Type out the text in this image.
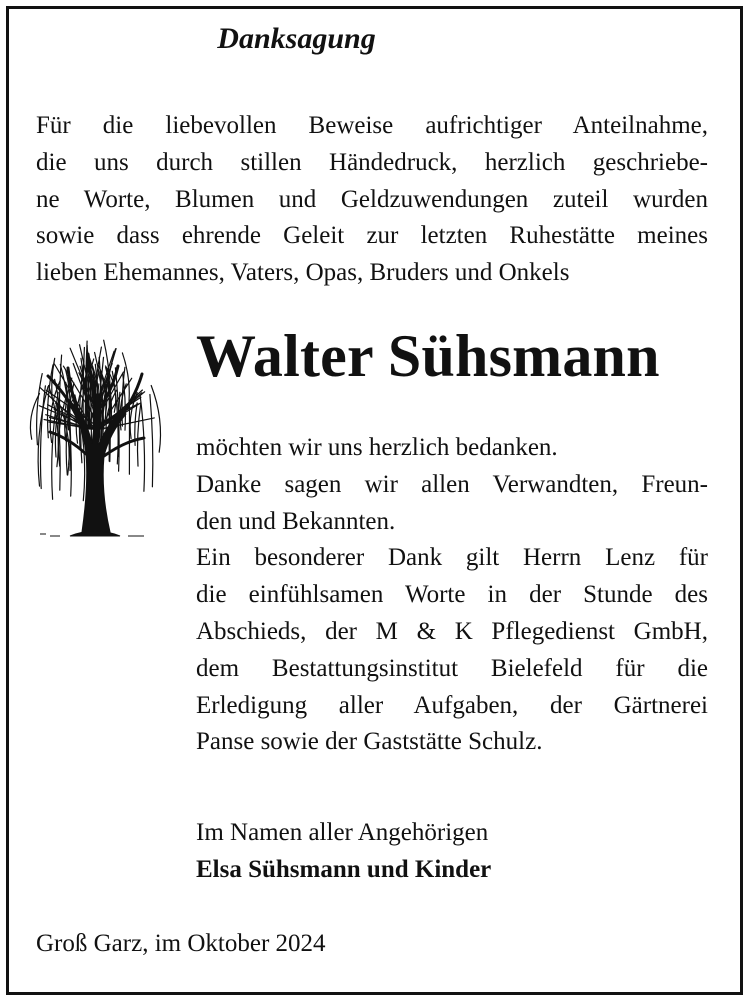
Danksagung
Für die liebevollen Beweise aufrichtiger Anteilnahme,
die uns durch stillen Händedruck, herzlich geschriebe-
ne Worte, Blumen und Geldzuwendungen zuteil wurden
sowie dass ehrende Geleit zur letzten Ruhestätte meines
lieben Ehemannes, Vaters, Opas, Bruders und Onkels
Walter Sühsmann
möchten wir uns herzlich bedanken.
Danke sagen wir allen Verwandten, Freun-
den und Bekannten.
Ein besonderer Dank gilt Herrn Lenz für
die einfühlsamen Worte in der Stunde des
Abschieds, der M & K Pflegedienst GmbH,
dem Bestattungsinstitut Bielefeld für die
Erledigung aller Aufgaben, der Gärtnerei
Panse sowie der Gaststätte Schulz.
Im Namen aller Angehörigen
Elsa Sühsmann und Kinder
Groß Garz, im Oktober 2024
